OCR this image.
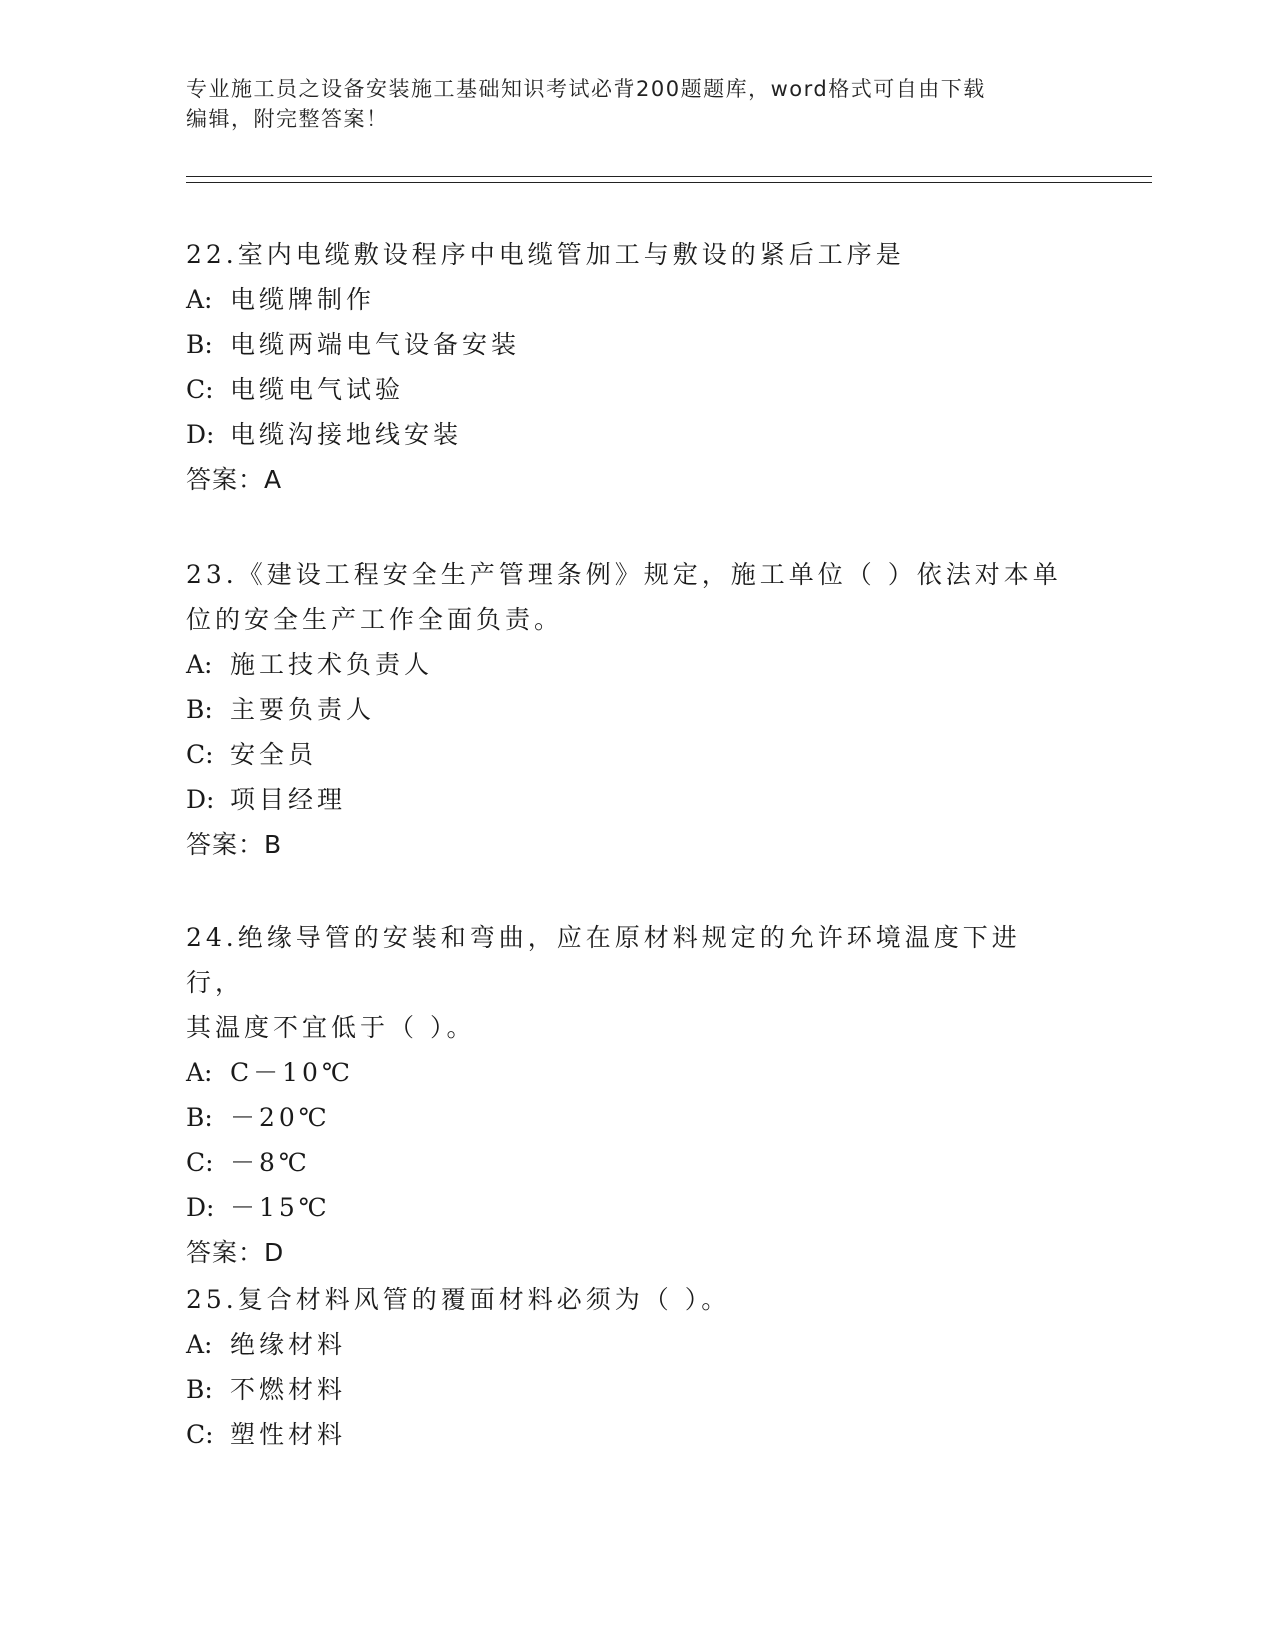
专业施工员之设备安装施工基础知识考试必背200题题库，word格式可自由下载
编辑，附完整答案！

22.室内电缆敷设程序中电缆管加工与敷设的紧后工序是

A: 电缆牌制作

B: 电缆两端电气设备安装

C: 电缆电气试验

D: 电缆沟接地线安装

答案：A

23.《建设工程安全生产管理条例》规定，施工单位（ ）依法对本单

位的安全生产工作全面负责。

A: 施工技术负责人

B: 主要负责人

C: 安全员

D: 项目经理

答案：B

24.绝缘导管的安装和弯曲，应在原材料规定的允许环境温度下进行，

其温度不宜低于（ ）。

A: C－10℃

B: －20℃

C: －8℃

D: －15℃

答案：D

25.复合材料风管的覆面材料必须为（ ）。

A: 绝缘材料

B: 不燃材料

C: 塑性材料
